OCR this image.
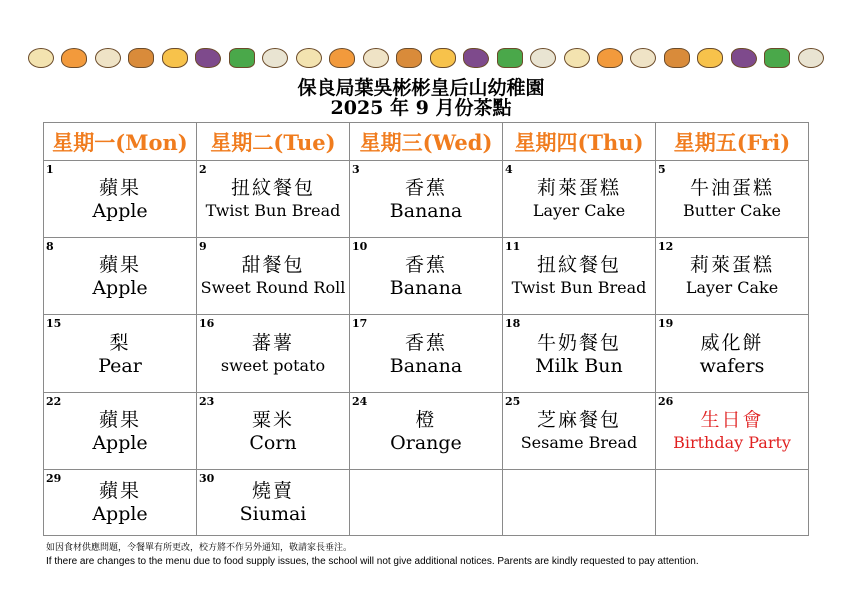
保良局葉吳彬彬皇后山幼稚園
2025 年 9 月份茶點
星期一(Mon)	星期二(Tue)	星期三(Wed)	星期四(Thu)	星期五(Fri)

1
蘋果
Apple	2
扭紋餐包
Twist Bun Bread	3
香蕉
Banana	4
莉萊蛋糕
Layer Cake	5
牛油蛋糕
Butter Cake

8
蘋果
Apple	9
甜餐包
Sweet Round Roll	10
香蕉
Banana	11
扭紋餐包
Twist Bun Bread	12
莉萊蛋糕
Layer Cake

15
梨
Pear	16
蕃薯
sweet potato	17
香蕉
Banana	18
牛奶餐包
Milk Bun	19
威化餅
wafers

22
蘋果
Apple	23
粟米
Corn	24
橙
Orange	25
芝麻餐包
Sesame Bread	26
生日會
Birthday Party

29
蘋果
Apple	30
燒賣
Siumai			

如因食材供應問題，令餐單有所更改，校方將不作另外通知，敬請家長垂注。
If there are changes to the menu due to food supply issues, the school will not give additional notices. Parents are kindly requested to pay attention.
